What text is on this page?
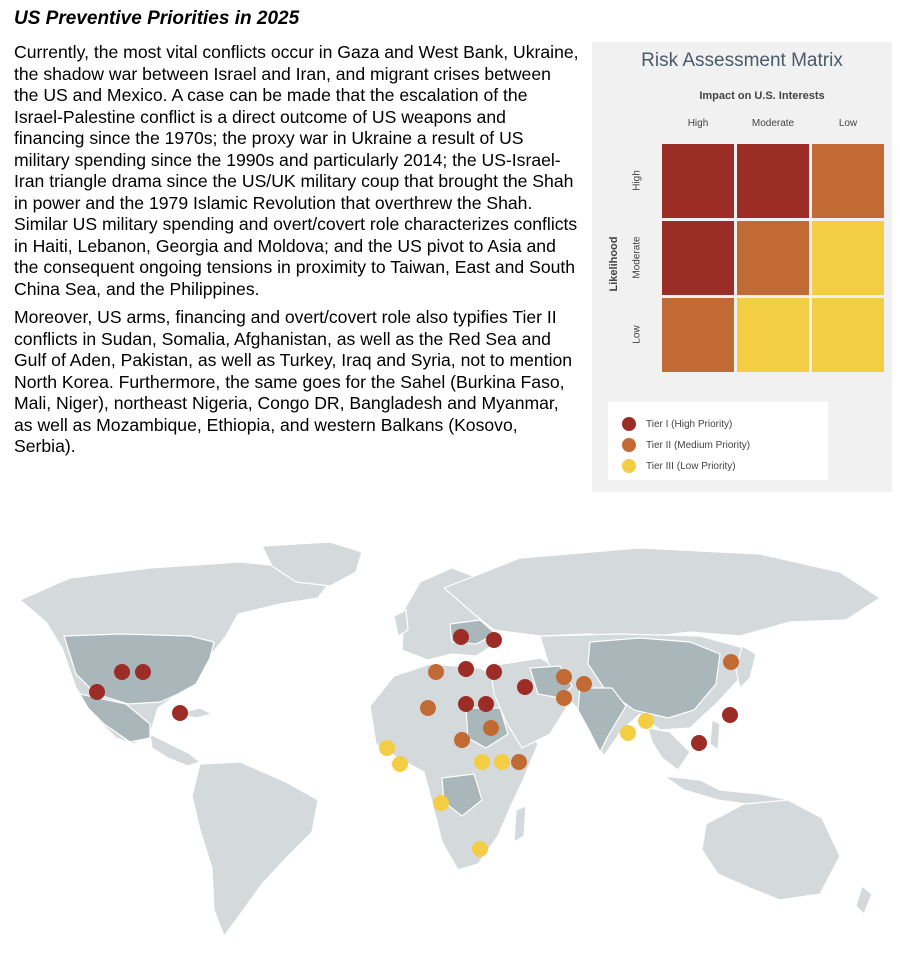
US Preventive Priorities in 2025

Currently, the most vital conflicts occur in Gaza and West Bank, Ukraine, the shadow war between Israel and Iran, and migrant crises between the US and Mexico. A case can be made that the escalation of the Israel-Palestine conflict is a direct outcome of US weapons and financing since the 1970s; the proxy war in Ukraine a result of US military spending since the 1990s and particularly 2014; the US-Israel-Iran triangle drama since the US/UK military coup that brought the Shah in power and the 1979 Islamic Revolution that overthrew the Shah. Similar US military spending and overt/covert role characterizes conflicts in Haiti, Lebanon, Georgia and Moldova; and the US pivot to Asia and the consequent ongoing tensions in proximity to Taiwan, East and South China Sea, and the Philippines.

Moreover, US arms, financing and overt/covert role also typifies Tier II conflicts in Sudan, Somalia, Afghanistan, as well as the Red Sea and Gulf of Aden, Pakistan, as well as Turkey, Iraq and Syria, not to mention North Korea. Furthermore, the same goes for the Sahel (Burkina Faso, Mali, Niger), northeast Nigeria, Congo DR, Bangladesh and Myanmar, as well as Mozambique, Ethiopia, and western Balkans (Kosovo, Serbia).

Risk Assessment Matrix
Impact on U.S. Interests
High	Moderate	Low
Likelihood
High
Moderate
Low
Tier I (High Priority)
Tier II (Medium Priority)
Tier III (Low Priority)
